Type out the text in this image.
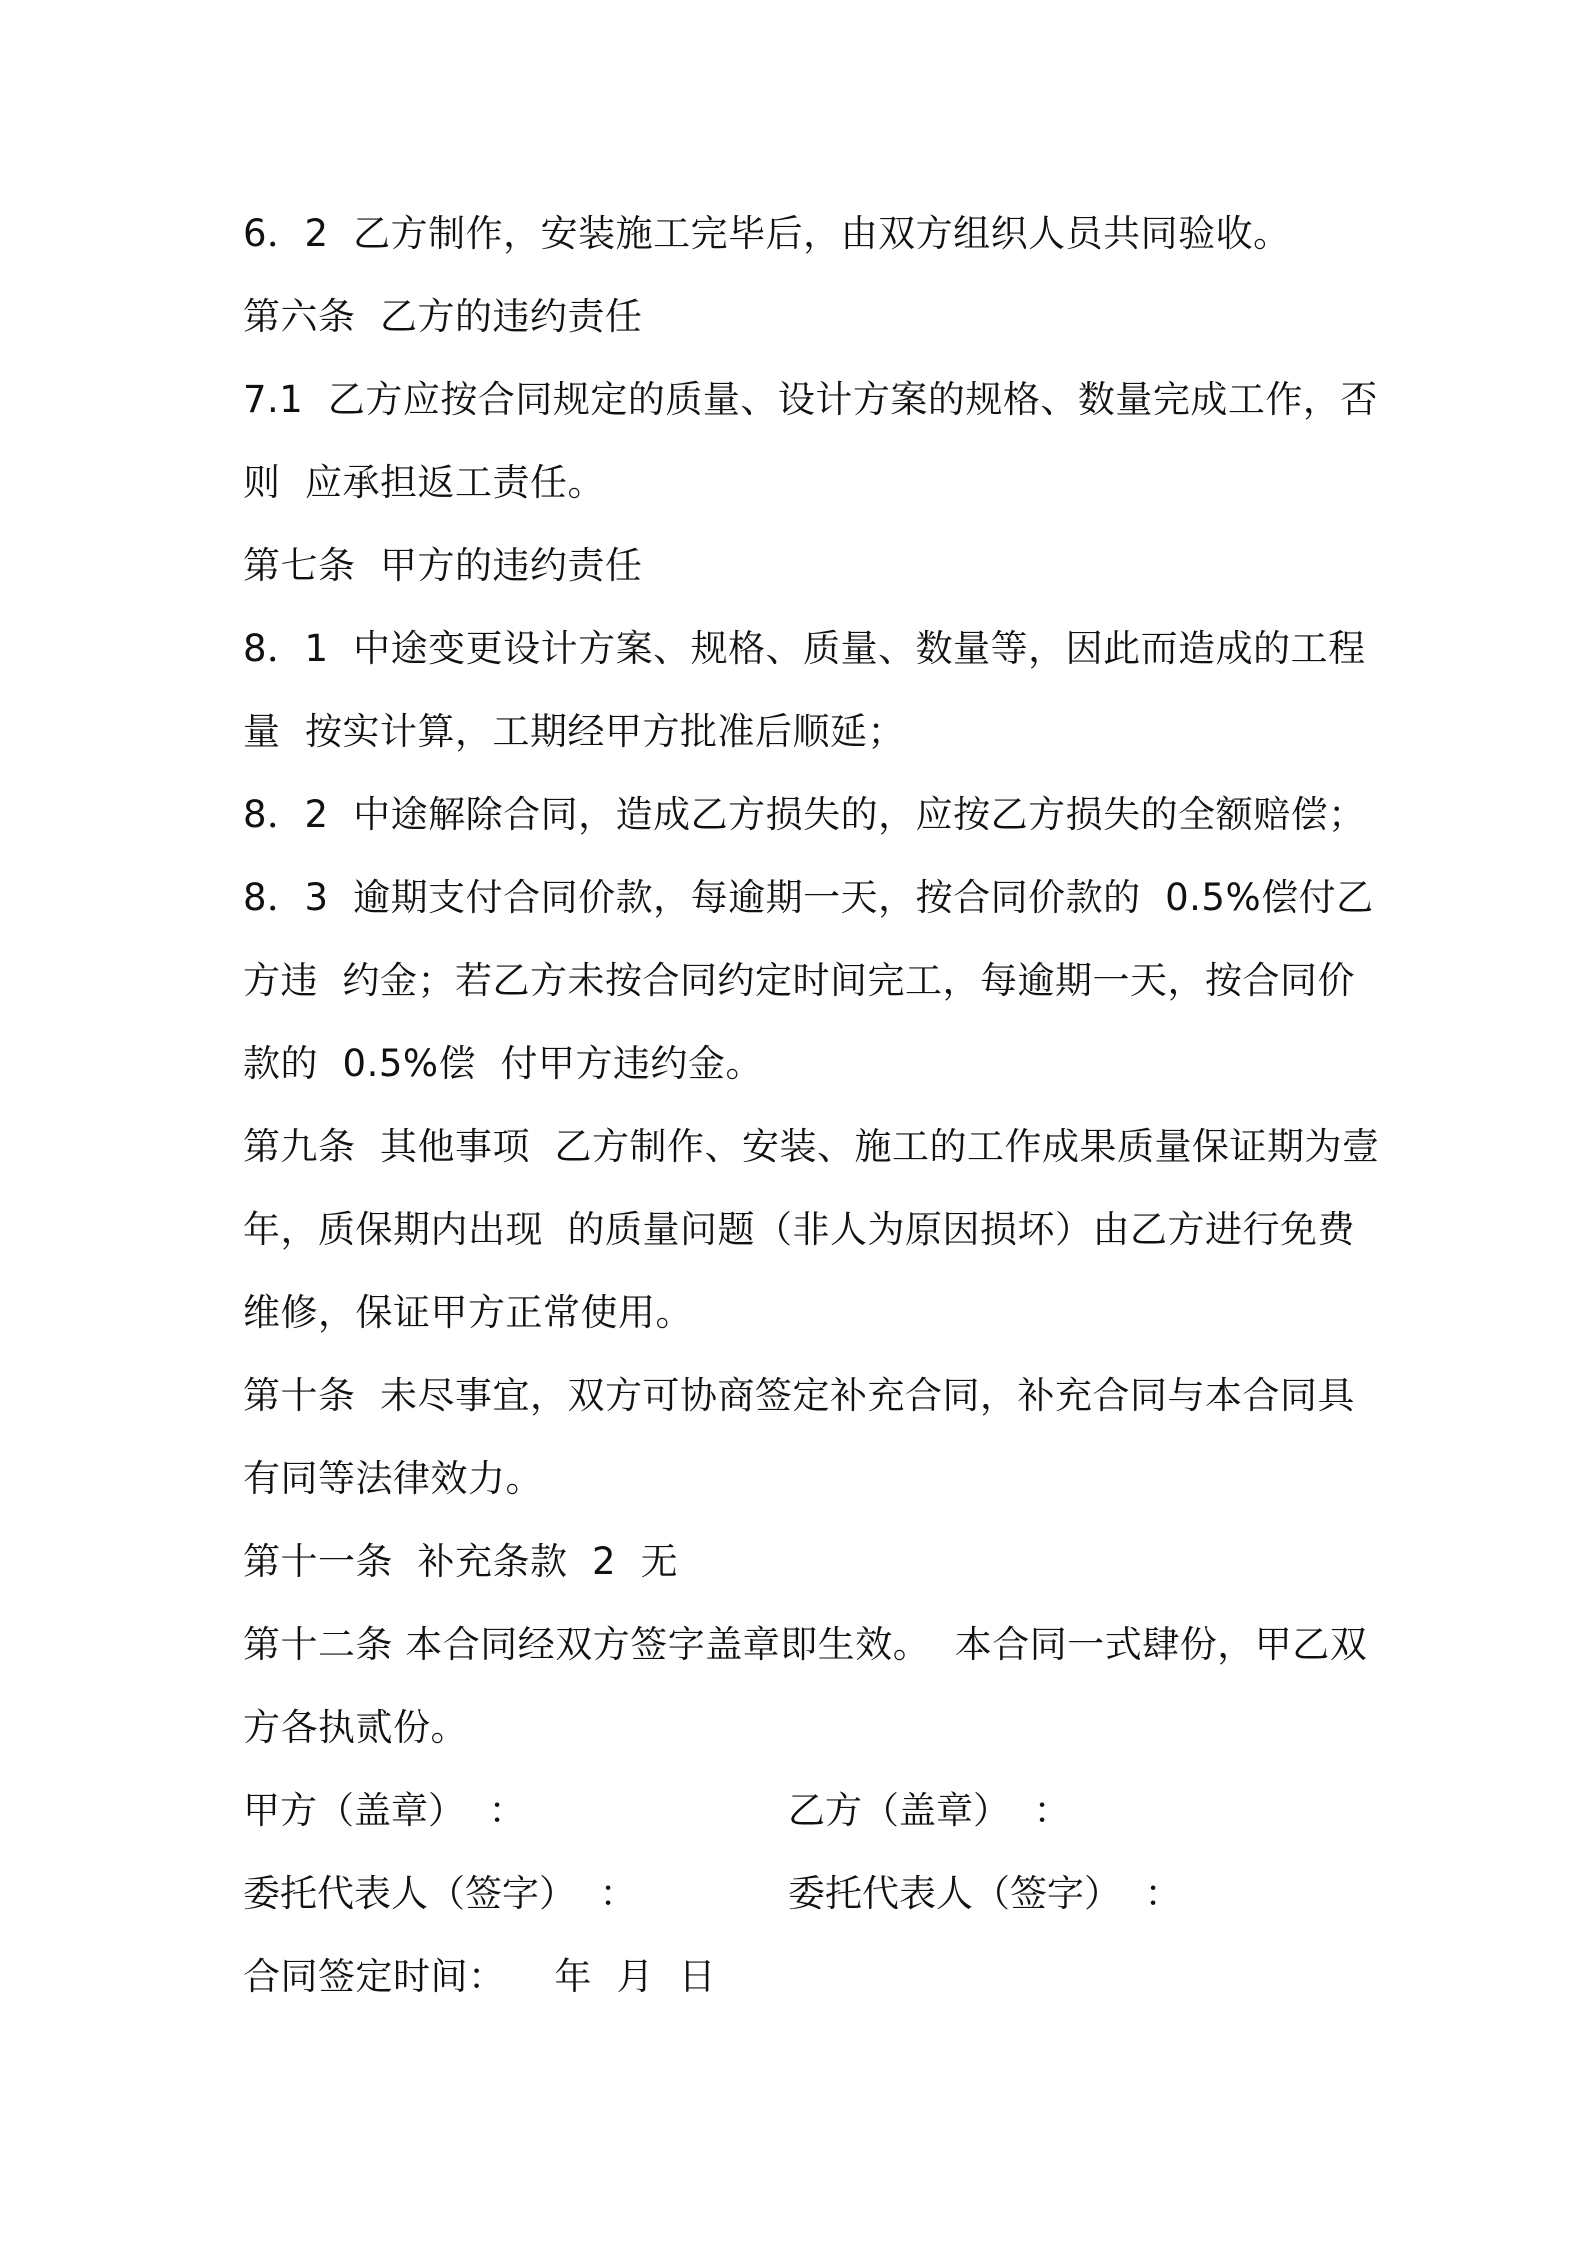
6．2  乙方制作，安装施工完毕后，由双方组织人员共同验收。
第六条  乙方的违约责任
7.1  乙方应按合同规定的质量、设计方案的规格、数量完成工作，否
则  应承担返工责任。
第七条  甲方的违约责任
8．1  中途变更设计方案、规格、质量、数量等，因此而造成的工程
量  按实计算，工期经甲方批准后顺延；
8．2  中途解除合同，造成乙方损失的，应按乙方损失的全额赔偿；
8．3  逾期支付合同价款，每逾期一天，按合同价款的  0.5%偿付乙
方违  约金；若乙方未按合同约定时间完工，每逾期一天，按合同价
款的  0.5%偿  付甲方违约金。
第九条  其他事项  乙方制作、安装、施工的工作成果质量保证期为壹
年，质保期内出现  的质量问题（非人为原因损坏）由乙方进行免费
维修，保证甲方正常使用。
第十条  未尽事宜，双方可协商签定补充合同，补充合同与本合同具
有同等法律效力。
第十一条  补充条款  2  无
第十二条 本合同经双方签字盖章即生效。  本合同一式肆份，甲乙双
方各执贰份。

甲方（盖章）  ：

	乙方（盖章）  ：

委托代表人（签字）  ：

	委托代表人（签字）  ：

合同签定时间：    年  月  日
